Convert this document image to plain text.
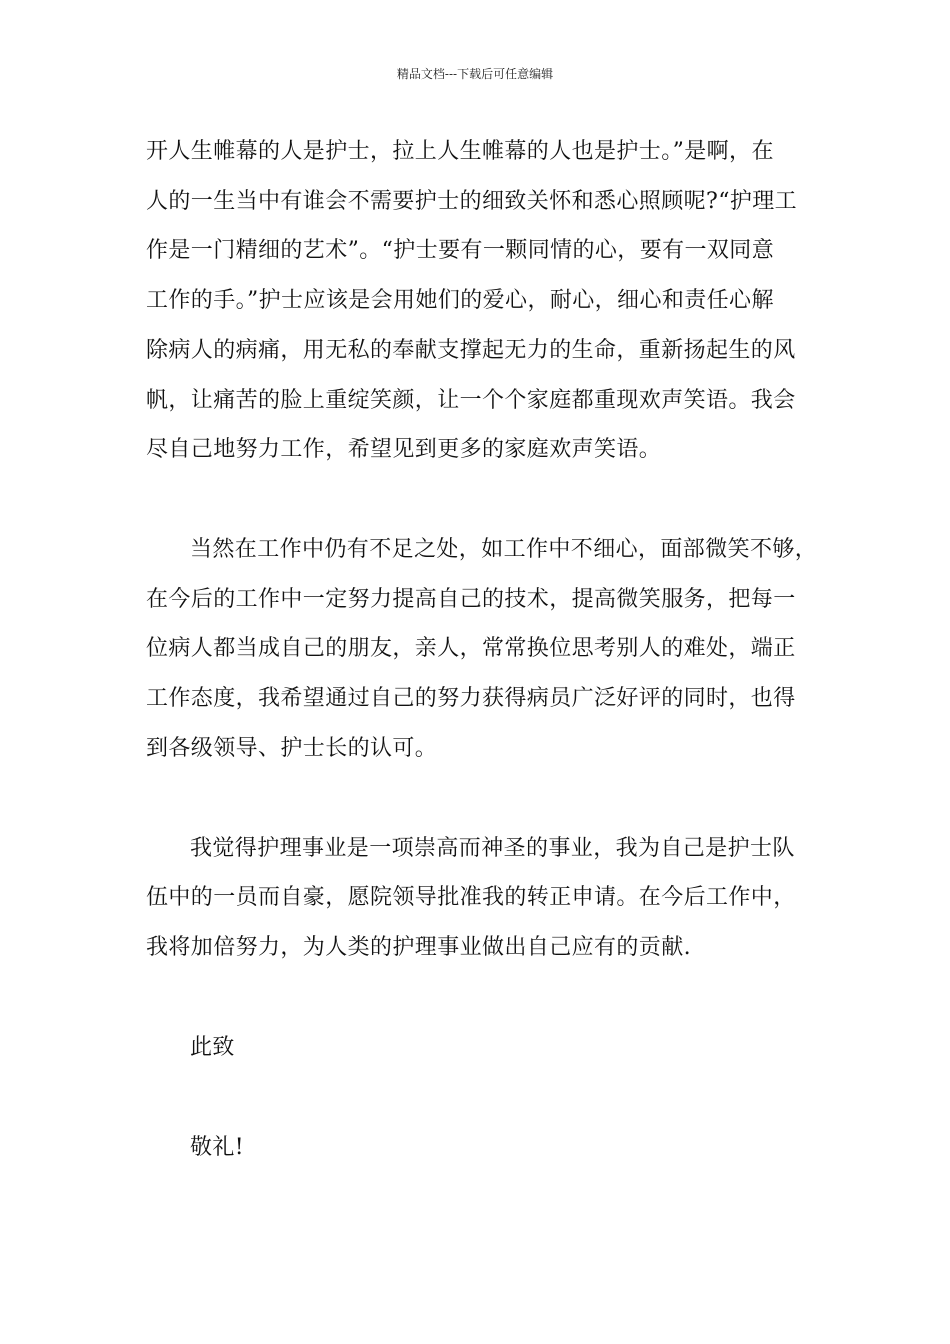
精品文档---下载后可任意编辑
开人生帷幕的人是护士，拉上人生帷幕的人也是护士。”是啊，在
人的一生当中有谁会不需要护士的细致关怀和悉心照顾呢?“护理工
作是一门精细的艺术”。“护士要有一颗同情的心，要有一双同意
工作的手。”护士应该是会用她们的爱心，耐心，细心和责任心解
除病人的病痛，用无私的奉献支撑起无力的生命，重新扬起生的风
帆，让痛苦的脸上重绽笑颜，让一个个家庭都重现欢声笑语。我会
尽自己地努力工作，希望见到更多的家庭欢声笑语。
当然在工作中仍有不足之处，如工作中不细心，面部微笑不够，
在今后的工作中一定努力提高自己的技术，提高微笑服务，把每一
位病人都当成自己的朋友，亲人，常常换位思考别人的难处，端正
工作态度，我希望通过自己的努力获得病员广泛好评的同时，也得
到各级领导、护士长的认可。
我觉得护理事业是一项崇高而神圣的事业，我为自己是护士队
伍中的一员而自豪，愿院领导批准我的转正申请。在今后工作中，
我将加倍努力，为人类的护理事业做出自己应有的贡献.
此致
敬礼!
